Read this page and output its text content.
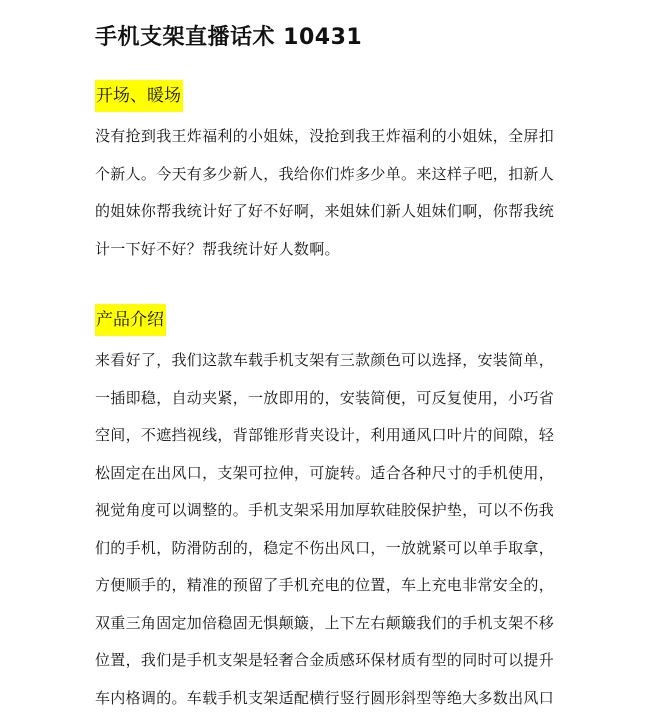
手机支架直播话术 10431
开场、暖场
没有抢到我王炸福利的小姐妹，没抢到我王炸福利的小姐妹，全屏扣
个新人。今天有多少新人，我给你们炸多少单。来这样子吧，扣新人
的姐妹你帮我统计好了好不好啊，来姐妹们新人姐妹们啊，你帮我统
计一下好不好？帮我统计好人数啊。
产品介绍
来看好了，我们这款车载手机支架有三款颜色可以选择，安装简单，
一插即稳，自动夹紧，一放即用的，安装简便，可反复使用，小巧省
空间，不遮挡视线，背部锥形背夹设计，利用通风口叶片的间隙，轻
松固定在出风口，支架可拉伸，可旋转。适合各种尺寸的手机使用，
视觉角度可以调整的。手机支架采用加厚软硅胶保护垫，可以不伤我
们的手机，防滑防刮的，稳定不伤出风口，一放就紧可以单手取拿，
方便顺手的，精准的预留了手机充电的位置，车上充电非常安全的，
双重三角固定加倍稳固无惧颠簸，上下左右颠簸我们的手机支架不移
位置，我们是手机支架是轻奢合金质感环保材质有型的同时可以提升
车内格调的。车载手机支架适配横行竖行圆形斜型等绝大多数出风口
